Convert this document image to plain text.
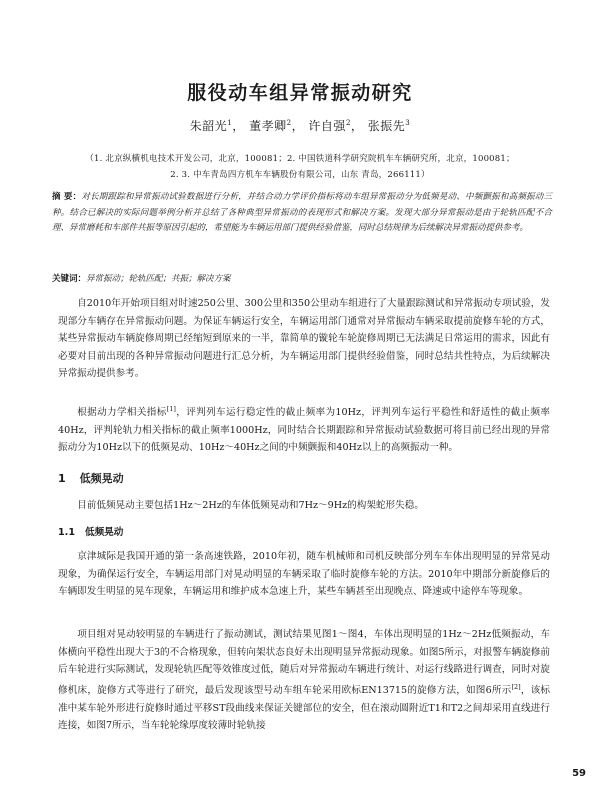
服役动车组异常振动研究
朱韶光$^1$， 董孝卿$^2$， 许自强$^2$， 张振先$^3$
（1. 北京纵横机电技术开发公司，北京，100081；2. 中国铁道科学研究院机车车辆研究所，北京，100081；
2. 3. 中车青岛四方机车车辆股份有限公司，山东 青岛，266111）
摘 要：对长期跟踪和异常振动试验数据进行分析，并结合动力学评价指标将动车组异常振动分为低频晃动、中频颤振和高频振动三种。结合已解决的实际问题举例分析并总结了各种典型异常振动的表现形式和解决方案。发现大部分异常振动是由于轮轨匹配不合理、异常磨耗和车部件共振等原因引起的，希望能为车辆运用部门提供经验借鉴，同时总结规律为后续解决异常振动提供参考。
关键词：异常振动；轮轨匹配；共振；解决方案

自2010年开始项目组对时速250公里、300公里和350公里动车组进行了大量跟踪测试和异常振动专项试验，发现部分车辆存在异常振动问题。为保证车辆运行安全，车辆运用部门通常对异常振动车辆采取提前旋修车轮的方式，某些异常振动车辆旋修周期已经缩短到原来的一半，靠简单的镟轮车轮旋修周期已无法满足日常运用的需求，因此有必要对目前出现的各种异常振动问题进行汇总分析，为车辆运用部门提供经验借鉴，同时总结共性特点，为后续解决异常振动提供参考。

根据动力学相关指标[1]，评判列车运行稳定性的截止频率为10Hz，评判列车运行平稳性和舒适性的截止频率40Hz，评判轮轨力相关指标的截止频率1000Hz，同时结合长期跟踪和异常振动试验数据可将目前已经出现的异常振动分为10Hz以下的低频晃动、10Hz～40Hz之间的中频颤振和40Hz以上的高频振动一种。

1 低频晃动

目前低频晃动主要包括1Hz～2Hz的车体低频晃动和7Hz～9Hz的构架蛇形失稳。

1.1 低频晃动

京津城际是我国开通的第一条高速铁路，2010年初，随车机械师和司机反映部分列车车体出现明显的异常晃动现象，为确保运行安全，车辆运用部门对晃动明显的车辆采取了临时旋修车轮的方法。2010年中期部分新旋修后的车辆即发生明显的晃车现象，车辆运用和维护成本急速上升，某些车辆甚至出现晚点、降速或中途停车等现象。

项目组对晃动较明显的车辆进行了振动测试，测试结果见图1～图4，车体出现明显的1Hz～2Hz低频振动，车体横向平稳性出现大于3的不合格现象，但转向架状态良好未出现明显异常振动现象。如图5所示，对报警车辆旋修前后车轮进行实际测试，发现轮轨匹配等效锥度过低，随后对异常振动车辆进行统计、对运行线路进行调查，同时对旋修机床，旋修方式等进行了研究，最后发现该型号动车组车轮采用欧标EN13715的旋修方法，如图6所示[2]，该标准中某车轮外形进行旋修时通过平移ST段曲线来保证关键部位的安全，但在滚动圆附近T1和T2之间却采用直线进行连接，如图7所示，当车轮轮缘厚度较薄时轮轨接

59
